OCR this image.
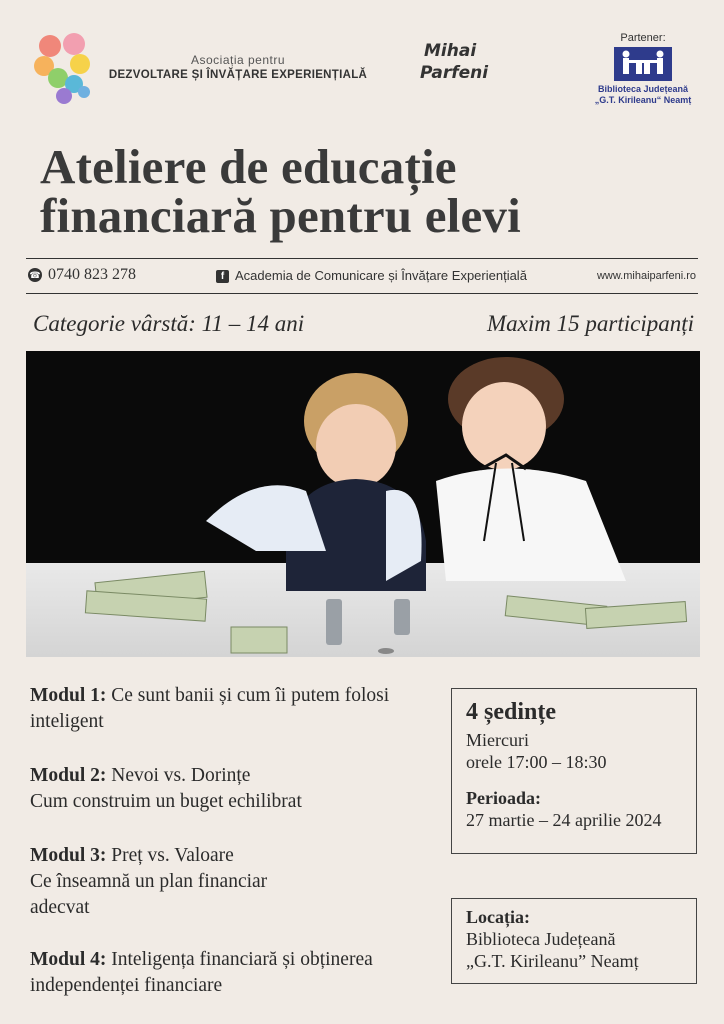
Asociația pentru
DEZVOLTARE ȘI ÎNVĂȚARE EXPERIENȚIALĂ
Mihai
Parfeni
Partener:
Biblioteca Județeană
„G.T. Kirileanu“ Neamț
Ateliere de educație
financiară pentru elevi
☎ 0740 823 278	f Academia de Comunicare și Învățare Experiențială	www.mihaiparfeni.ro
Categorie vârstă: 11 – 14 ani	Maxim 15 participanți
Modul 1: Ce sunt banii și cum îi putem folosi inteligent
Modul 2: Nevoi vs. Dorințe
Cum construim un buget echilibrat
Modul 3: Preț vs. Valoare
Ce înseamnă un plan financiar adecvat
Modul 4: Inteligența financiară și obținerea independenței financiare
4 ședințe
Miercuri
orele 17:00 – 18:30
Perioada:
27 martie – 24 aprilie 2024
Locația:
Biblioteca Județeană
„G.T. Kirileanu” Neamț
